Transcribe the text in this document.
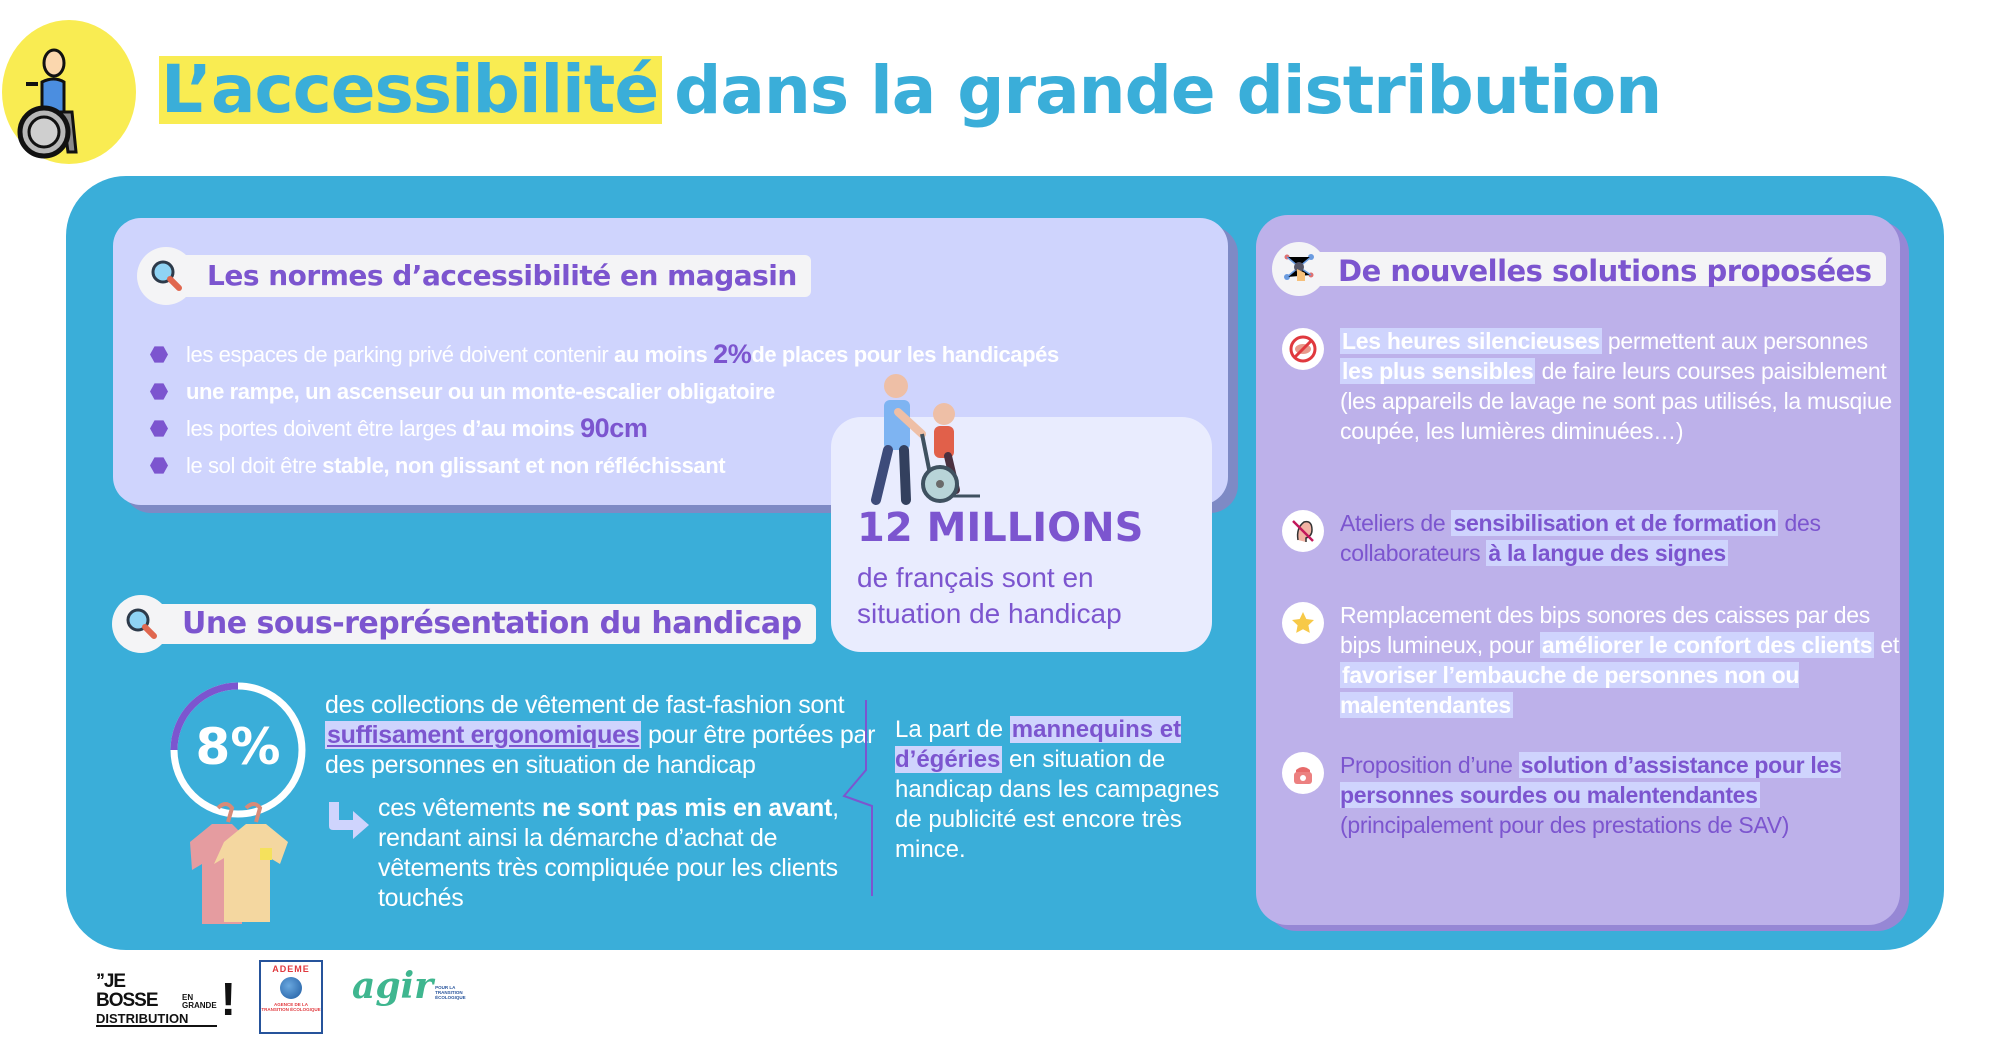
L’accessibilité dans la grande distribution
Les normes d’accessibilité en magasin
les espaces de parking privé doivent contenir
au moins
2% de places pour les handicapés
une rampe, un ascenseur ou un monte-escalier obligatoire
les portes doivent être larges
d’au moins
90cm
le sol doit être
stable, non glissant et non réfléchissant
12 MILLIONS
de français sont en situation de handicap
Une sous-représentation du handicap
8%
des collections de vêtement de fast-fashion sont suffisament ergonomiques pour être portées par des personnes en situation de handicap
ces vêtements ne sont pas mis en avant, rendant ainsi la démarche d’achat de vêtements très compliquée pour les clients touchés
La part de mannequins et d’égéries en situation de handicap dans les campagnes de publicité est encore très mince.
De nouvelles solutions proposées
Les heures silencieuses permettent aux personnes les plus sensibles de faire leurs courses paisiblement (les appareils de lavage ne sont pas utilisés, la musqiue coupée, les lumières diminuées…)
Ateliers de sensibilisation et de formation des collaborateurs à la langue des signes
Remplacement des bips sonores des caisses par des bips lumineux, pour améliorer le confort des clients et favoriser l’embauche de personnes non ou malentendantes
Proposition d’une solution d’assistance pour les personnes sourdes ou malentendantes (principalement pour des prestations de SAV)
’’JE BOSSE	EN GRANDE
DISTRIBUTION !
ADEME
AGENCE DE LA TRANSITION ÉCOLOGIQUE
agir POUR LA TRANSITION ÉCOLOGIQUE
